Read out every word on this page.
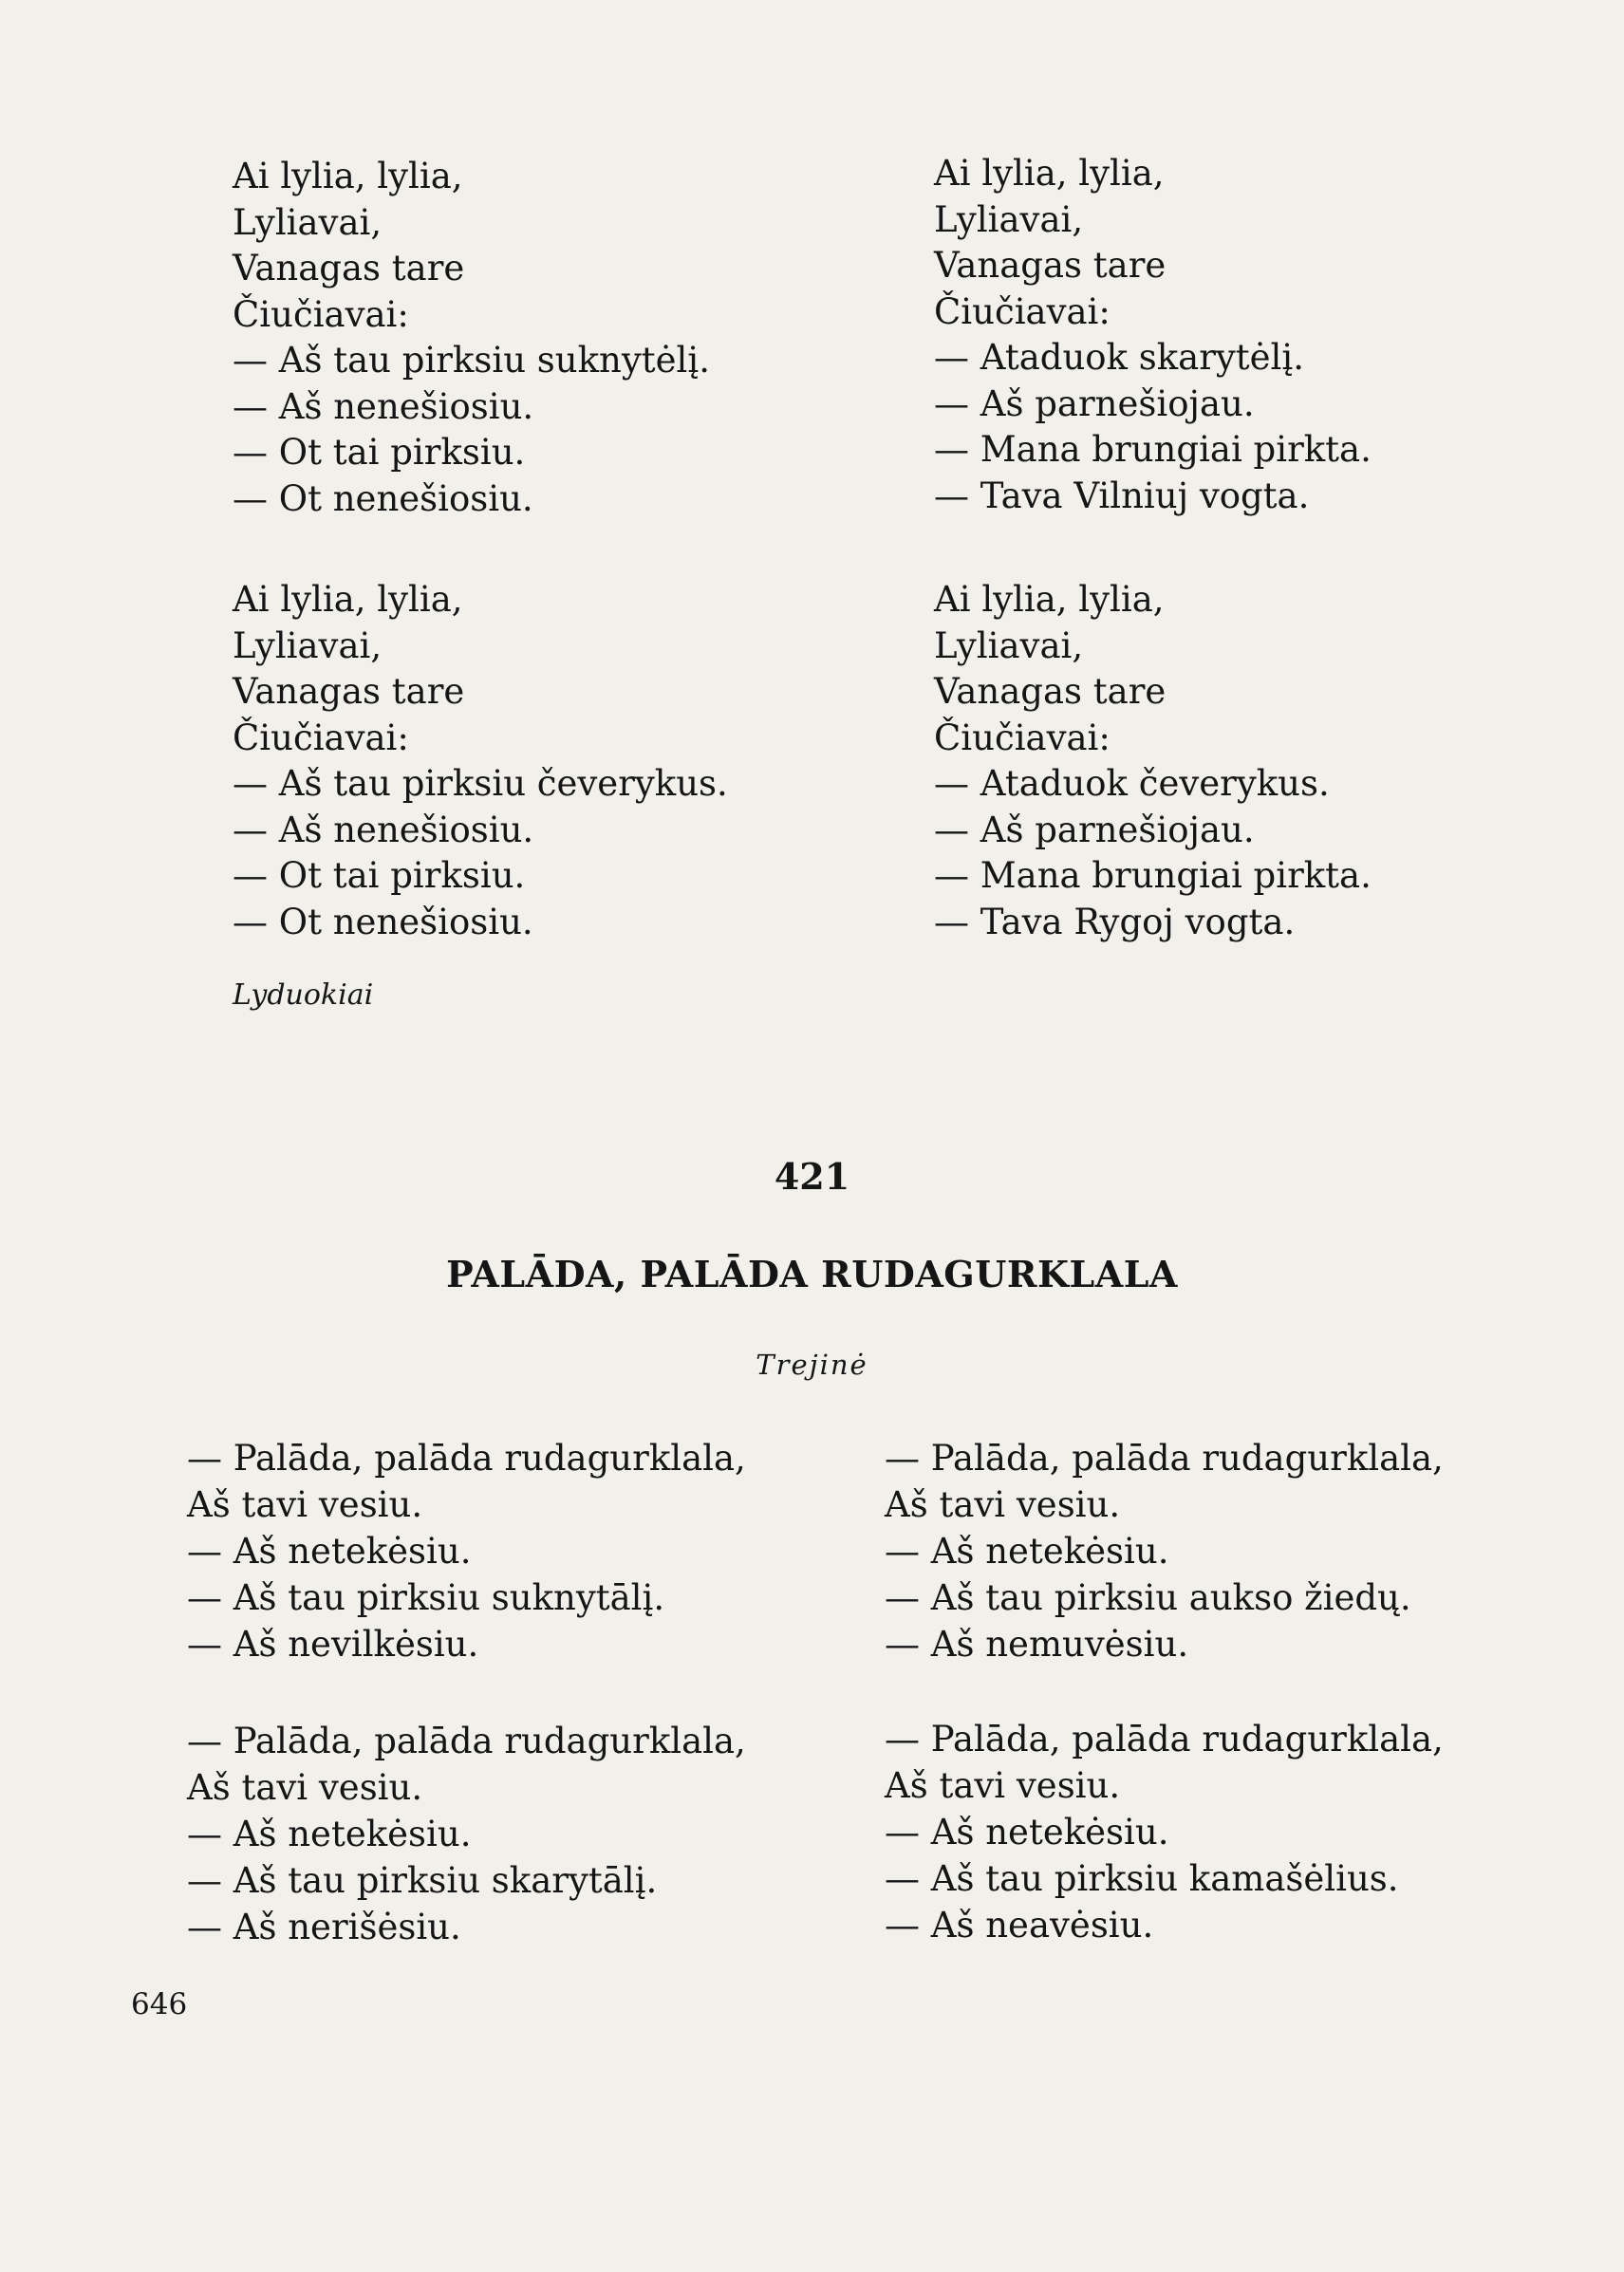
Ai lylia, lylia,
Lyliavai,
Vanagas tare
Čiučiavai:
— Aš tau pirksiu suknytėlį.
— Aš nenešiosiu.
— Ot tai pirksiu.
— Ot nenešiosiu.
Ai lylia, lylia,
Lyliavai,
Vanagas tare
Čiučiavai:
— Ataduok skarytėlį.
— Aš parnešiojau.
— Mana brungiai pirkta.
— Tava Vilniuj vogta.
Ai lylia, lylia,
Lyliavai,
Vanagas tare
Čiučiavai:
— Aš tau pirksiu čeverykus.
— Aš nenešiosiu.
— Ot tai pirksiu.
— Ot nenešiosiu.
Ai lylia, lylia,
Lyliavai,
Vanagas tare
Čiučiavai:
— Ataduok čeverykus.
— Aš parnešiojau.
— Mana brungiai pirkta.
— Tava Rygoj vogta.
Lyduokiai
421
PALĀDA, PALĀDA RUDAGURKLALA
Trejinė
— Palāda, palāda rudagurklala,
Aš tavi vesiu.
— Aš netekėsiu.
— Aš tau pirksiu suknytālį.
— Aš nevilkėsiu.
— Palāda, palāda rudagurklala,
Aš tavi vesiu.
— Aš netekėsiu.
— Aš tau pirksiu aukso žiedų.
— Aš nemuvėsiu.
— Palāda, palāda rudagurklala,
Aš tavi vesiu.
— Aš netekėsiu.
— Aš tau pirksiu skarytālį.
— Aš nerišėsiu.
— Palāda, palāda rudagurklala,
Aš tavi vesiu.
— Aš netekėsiu.
— Aš tau pirksiu kamašėlius.
— Aš neavėsiu.
646
